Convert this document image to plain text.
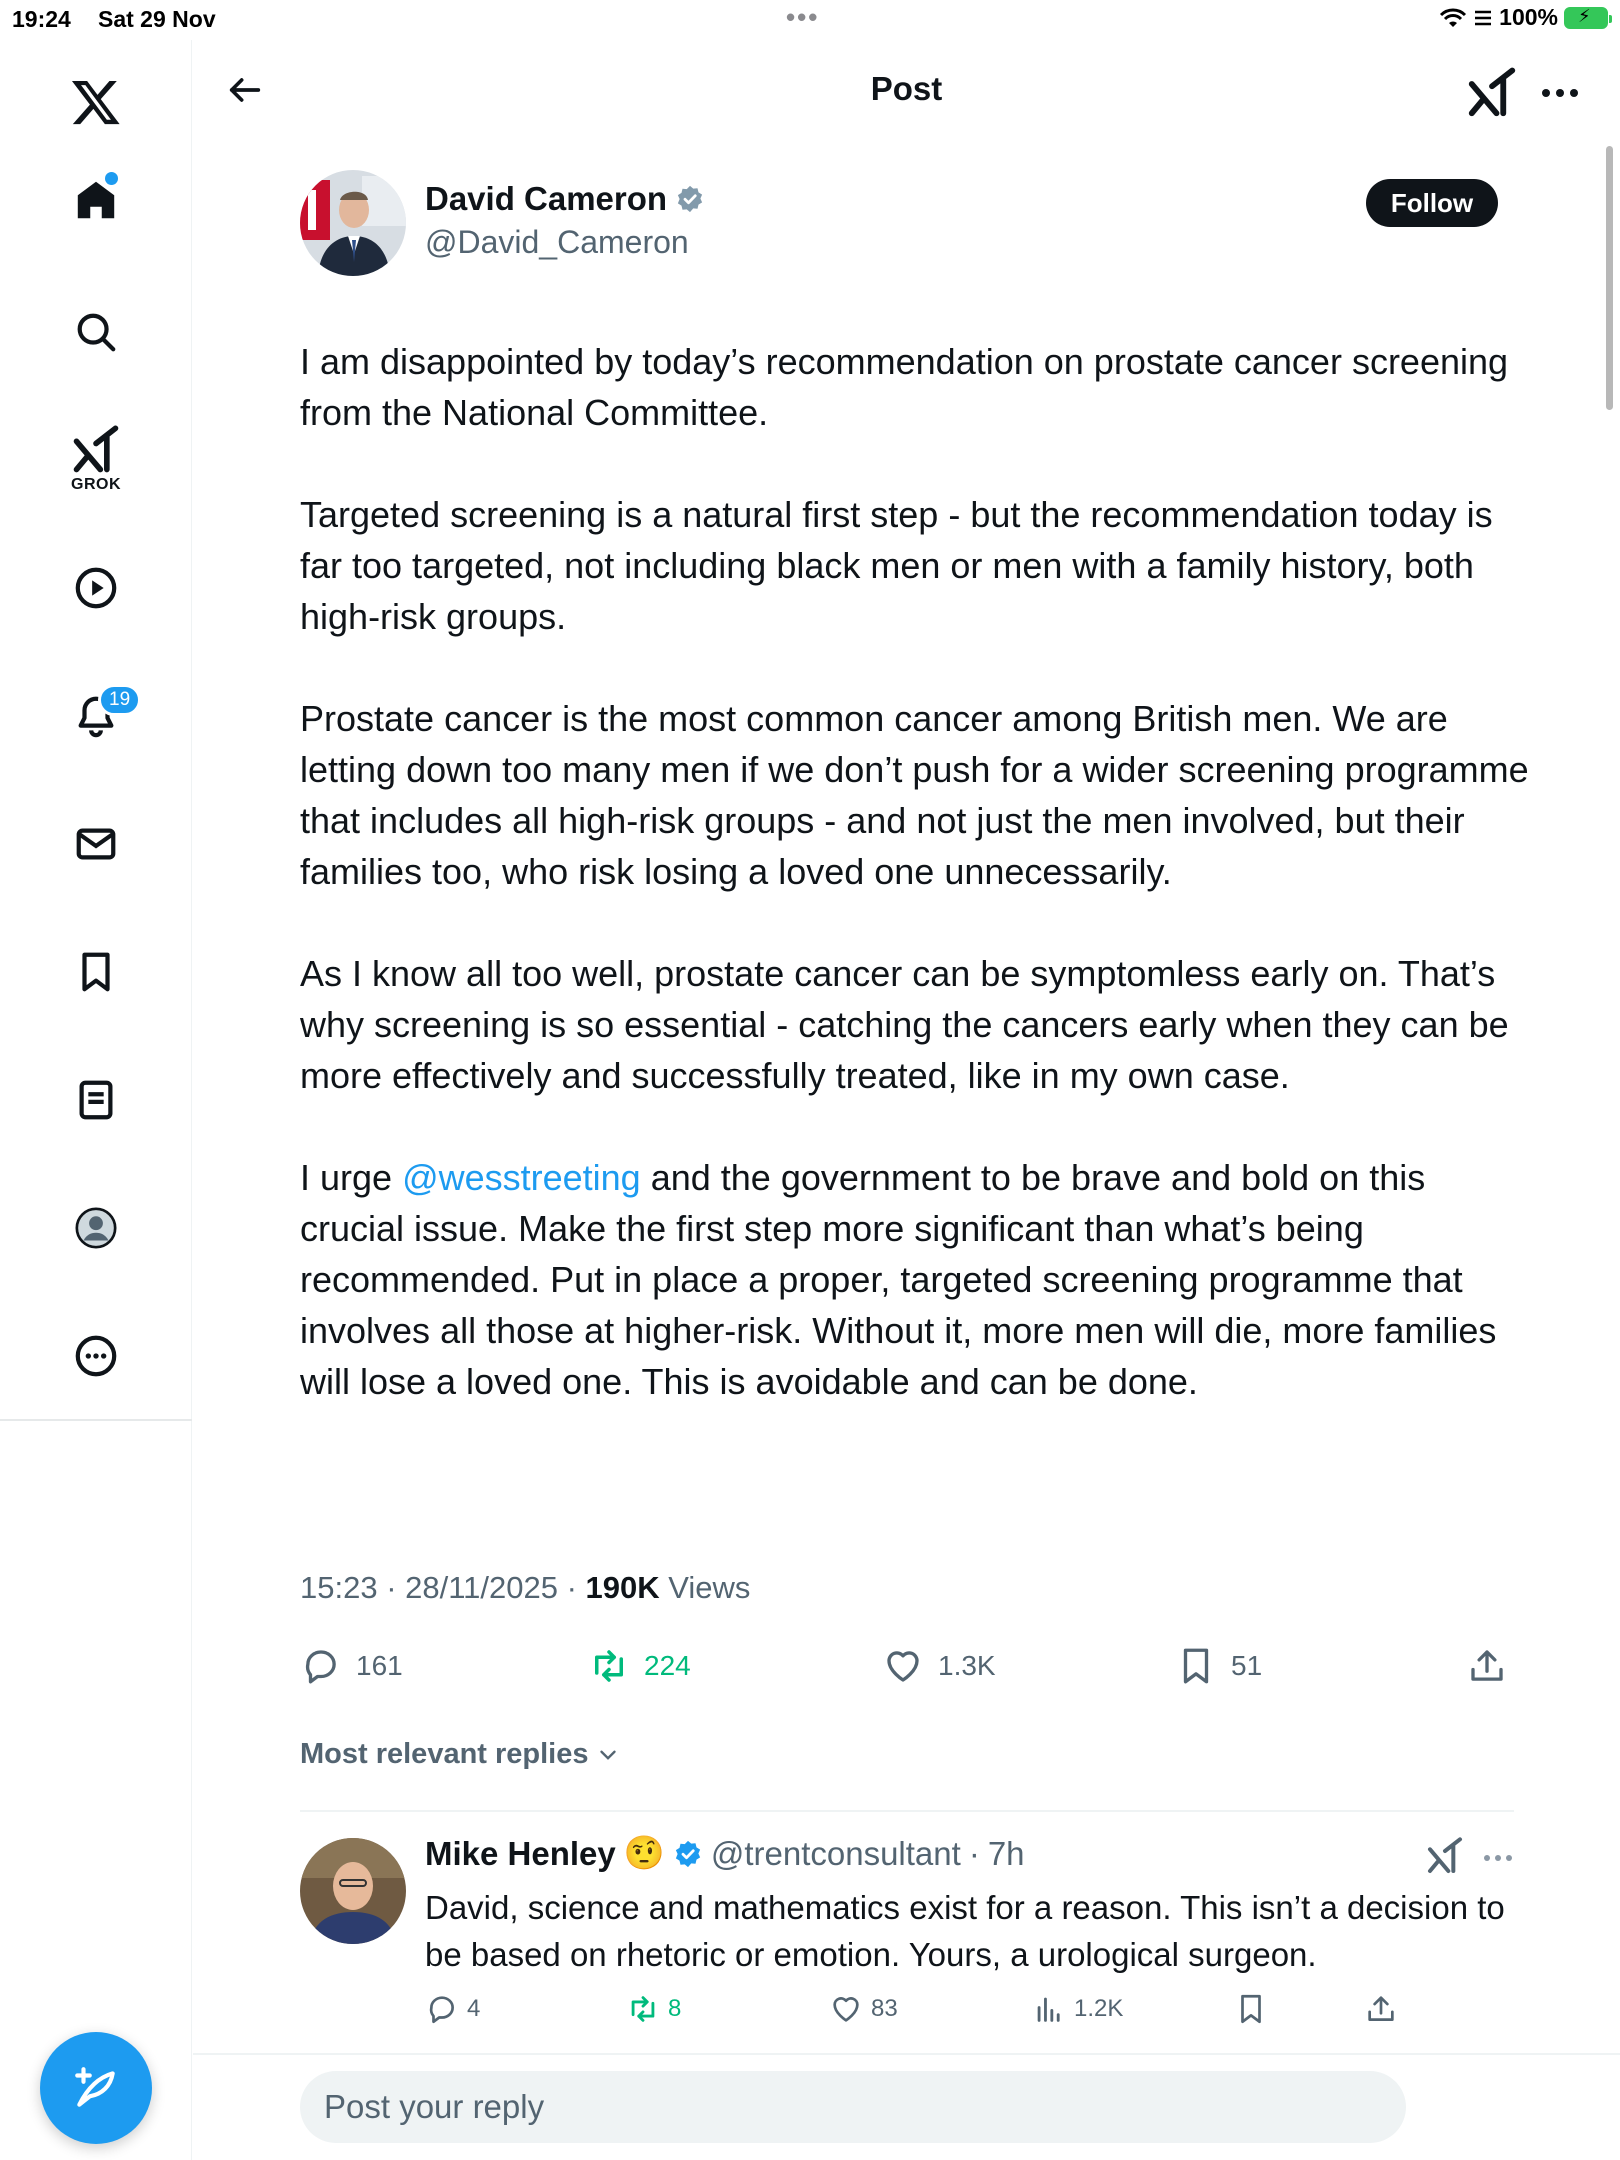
19:24 Sat 29 Nov	•••	100% ⚡
GROK
19
Post
David Cameron
@David_Cameron
Follow

I am disappointed by today’s recommendation on prostate cancer screening from the National Committee.

Targeted screening is a natural first step - but the recommendation today is far too targeted, not including black men or men with a family history, both high-risk groups.

Prostate cancer is the most common cancer among British men. We are letting down too many men if we don’t push for a wider screening programme that includes all high-risk groups - and not just the men involved, but their families too, who risk losing a loved one unnecessarily.

As I know all too well, prostate cancer can be symptomless early on. That’s why screening is so essential - catching the cancers early when they can be more effectively and successfully treated, like in my own case.

I urge @wesstreeting and the government to be brave and bold on this crucial issue. Make the first step more significant than what’s being recommended. Put in place a proper, targeted screening programme that involves all those at higher-risk. Without it, more men will die, more families will lose a loved one. This is avoidable and can be done.

15:23 · 28/11/2025 · 190K Views
161	224	1.3K	51
Most relevant replies
Mike Henley 🤨 @trentconsultant · 7h
David, science and mathematics exist for a reason. This isn’t a decision to be based on rhetoric or emotion. Yours, a urological surgeon.
4	8	83	1.2K
Post your reply
